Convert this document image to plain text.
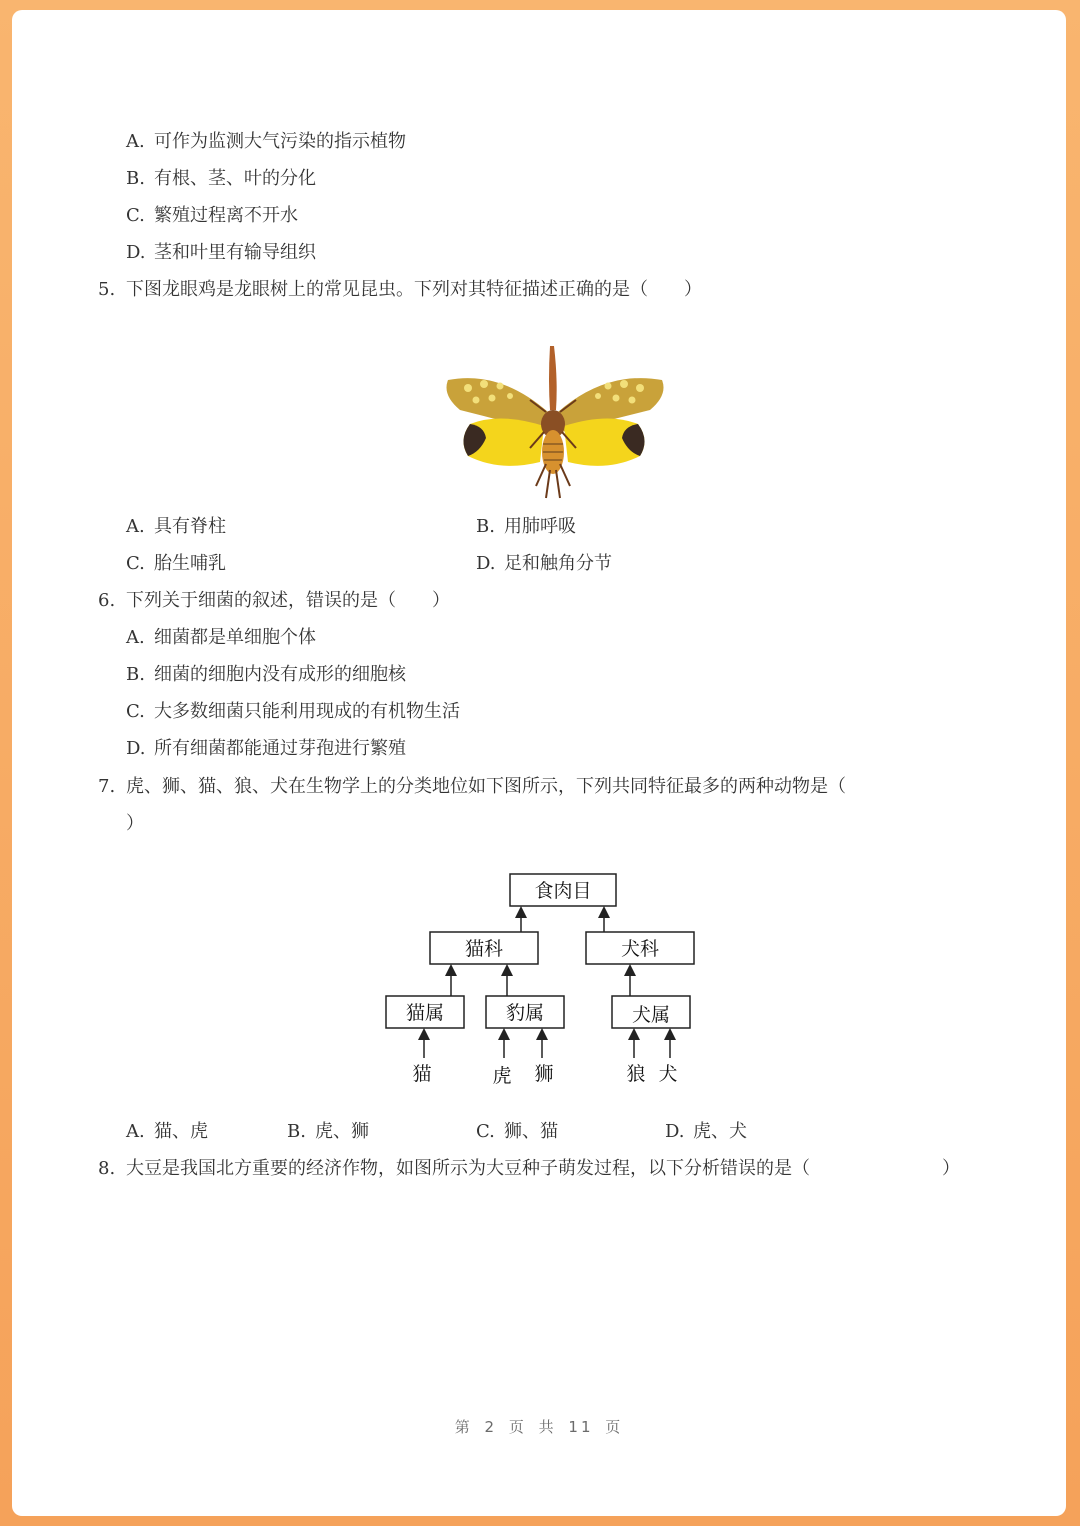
A. 可作为监测大气污染的指示植物
B. 有根、茎、叶的分化
C. 繁殖过程离不开水
D. 茎和叶里有输导组织
5. 下图龙眼鸡是龙眼树上的常见昆虫。下列对其特征描述正确的是（　　）
A. 具有脊柱	B. 用肺呼吸
C. 胎生哺乳	D. 足和触角分节
6. 下列关于细菌的叙述，错误的是（　　）
A. 细菌都是单细胞个体
B. 细菌的细胞内没有成形的细胞核
C. 大多数细菌只能利用现成的有机物生活
D. 所有细菌都能通过芽孢进行繁殖
7. 虎、狮、猫、狼、犬在生物学上的分类地位如下图所示，下列共同特征最多的两种动物是（
）
食肉目
猫科	犬科
猫属	豹属	犬属
猫	虎 狮	狼 犬
A. 猫、虎	B. 虎、狮	C. 狮、猫	D. 虎、犬
8. 大豆是我国北方重要的经济作物，如图所示为大豆种子萌发过程，以下分析错误的是（	）
第 2 页 共 11 页
